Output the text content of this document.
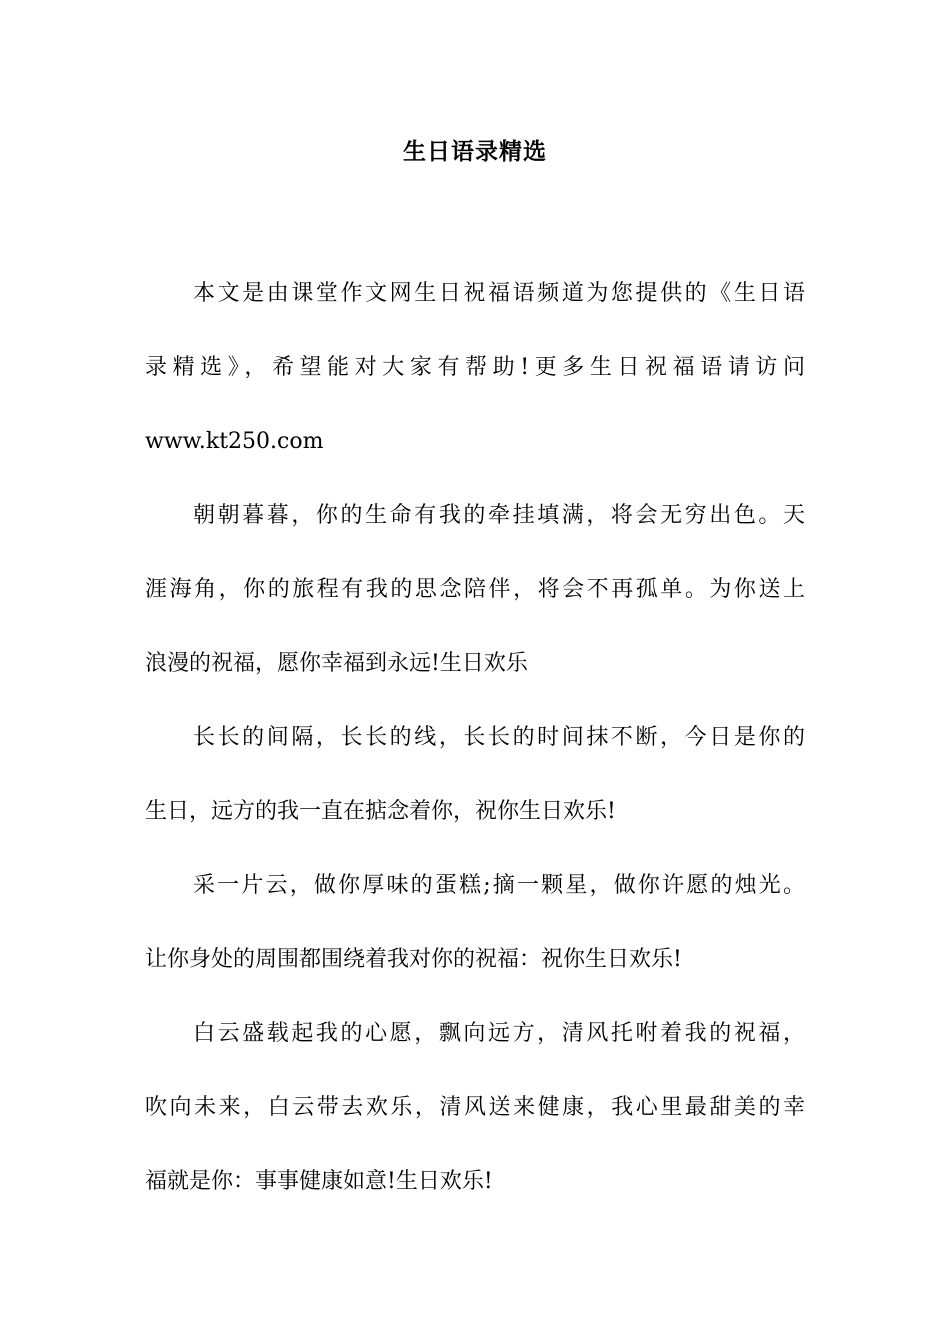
生日语录精选

本文是由课堂作文网生日祝福语频道为您提供的《生日语
录精选》，希望能对大家有帮助!更多生日祝福语请访问
www.kt250.com

朝朝暮暮，你的生命有我的牵挂填满，将会无穷出色。天
涯海角，你的旅程有我的思念陪伴，将会不再孤单。为你送上
浪漫的祝福，愿你幸福到永远!生日欢乐

长长的间隔，长长的线，长长的时间抹不断，今日是你的
生日，远方的我一直在掂念着你，祝你生日欢乐!

采一片云，做你厚味的蛋糕;摘一颗星，做你许愿的烛光。
让你身处的周围都围绕着我对你的祝福：祝你生日欢乐!

白云盛载起我的心愿，飘向远方，清风托咐着我的祝福，
吹向未来，白云带去欢乐，清风送来健康，我心里最甜美的幸
福就是你：事事健康如意!生日欢乐!
